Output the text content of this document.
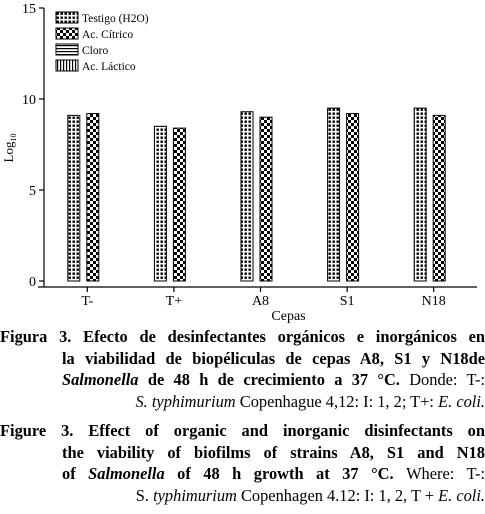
0
5
10
15
Log$_{10}$
T-	T+	A8	S1	N18
Cepas
Testigo (H2O)
Ac. Cítrico
Cloro
Ac. Láctico
Figura 3. Efecto de desinfectantes orgánicos e inorgánicos en
la viabilidad de biopéliculas de cepas A8, S1 y N18de
Salmonella de 48 h de crecimiento a 37 °C. Donde: T-:
S. typhimurium Copenhague 4,12: I: 1, 2; T+: E. coli.
Figure 3. Effect of organic and inorganic disinfectants on
the viability of biofilms of strains A8, S1 and N18
of Salmonella of 48 h growth at 37 °C. Where: T-:
S. typhimurium Copenhagen 4.12: I: 1, 2, T + E. coli.
